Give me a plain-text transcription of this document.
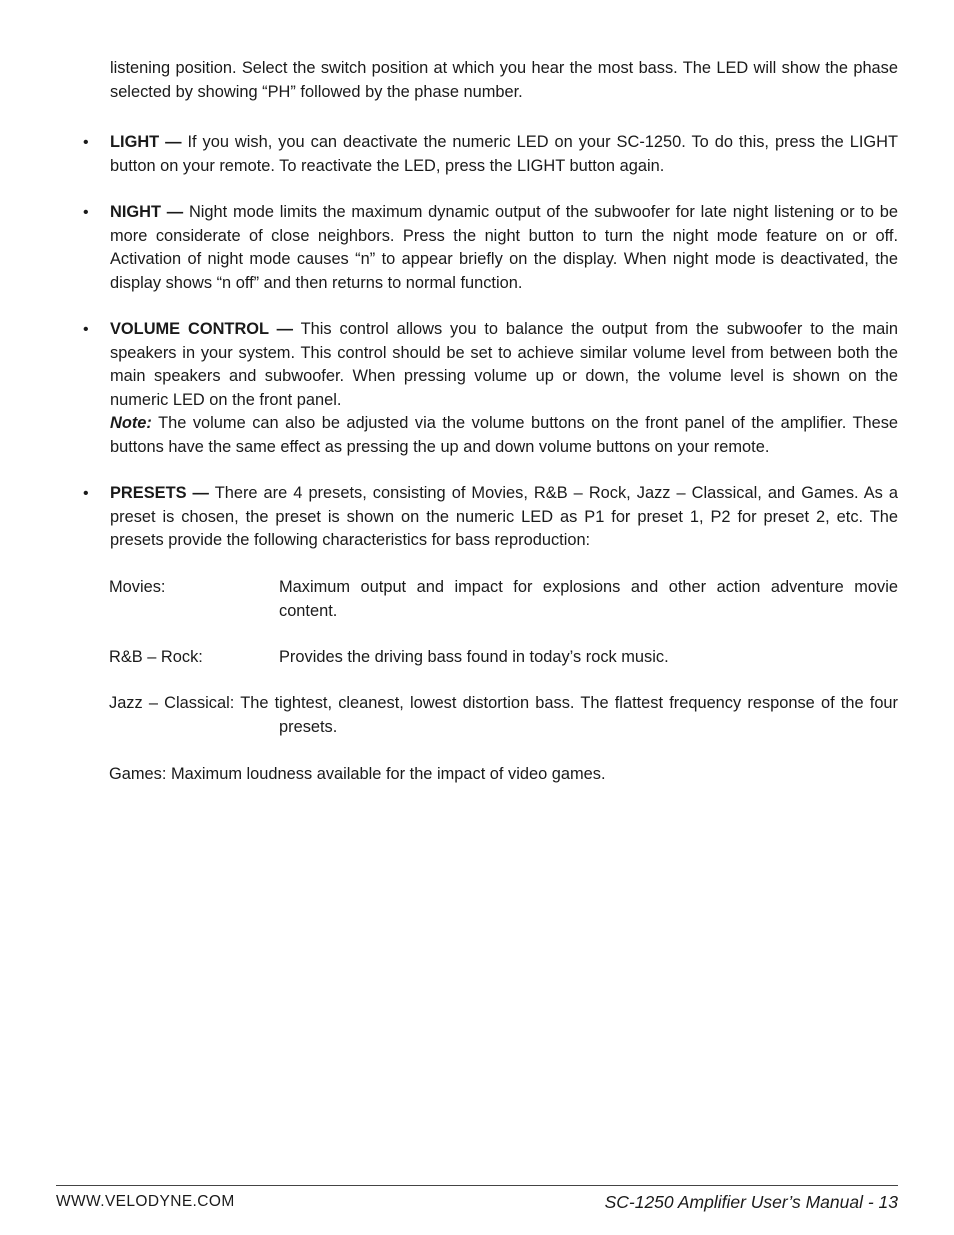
listening position. Select the switch position at which you hear the most bass. The LED will show the phase selected by showing “PH” followed by the phase number.

• LIGHT — If you wish, you can deactivate the numeric LED on your SC-1250. To do this, press the LIGHT button on your remote. To reactivate the LED, press the LIGHT button again.

• NIGHT — Night mode limits the maximum dynamic output of the subwoofer for late night listening or to be more considerate of close neighbors. Press the night button to turn the night mode feature on or off. Activation of night mode causes “n” to appear briefly on the display. When night mode is deactivated, the display shows “n off” and then returns to normal function.

• VOLUME CONTROL — This control allows you to balance the output from the subwoofer to the main speakers in your system. This control should be set to achieve similar volume level from between both the main speakers and subwoofer. When pressing volume up or down, the volume level is shown on the numeric LED on the front panel.

Note: The volume can also be adjusted via the volume buttons on the front panel of the amplifier. These buttons have the same effect as pressing the up and down volume buttons on your remote.

• PRESETS — There are 4 presets, consisting of Movies, R&B – Rock, Jazz – Classical, and Games. As a preset is chosen, the preset is shown on the numeric LED as P1 for preset 1, P2 for preset 2, etc. The presets provide the following characteristics for bass reproduction:

Movies:	Maximum output and impact for explosions and other action adventure movie content.

R&B – Rock:	Provides the driving bass found in today’s rock music.

Jazz – Classical: The tightest, cleanest, lowest distortion bass. The flattest frequency response of the four presets.

Games: Maximum loudness available for the impact of video games.

WWW.VELODYNE.COM	SC-1250 Amplifier User’s Manual - 13
